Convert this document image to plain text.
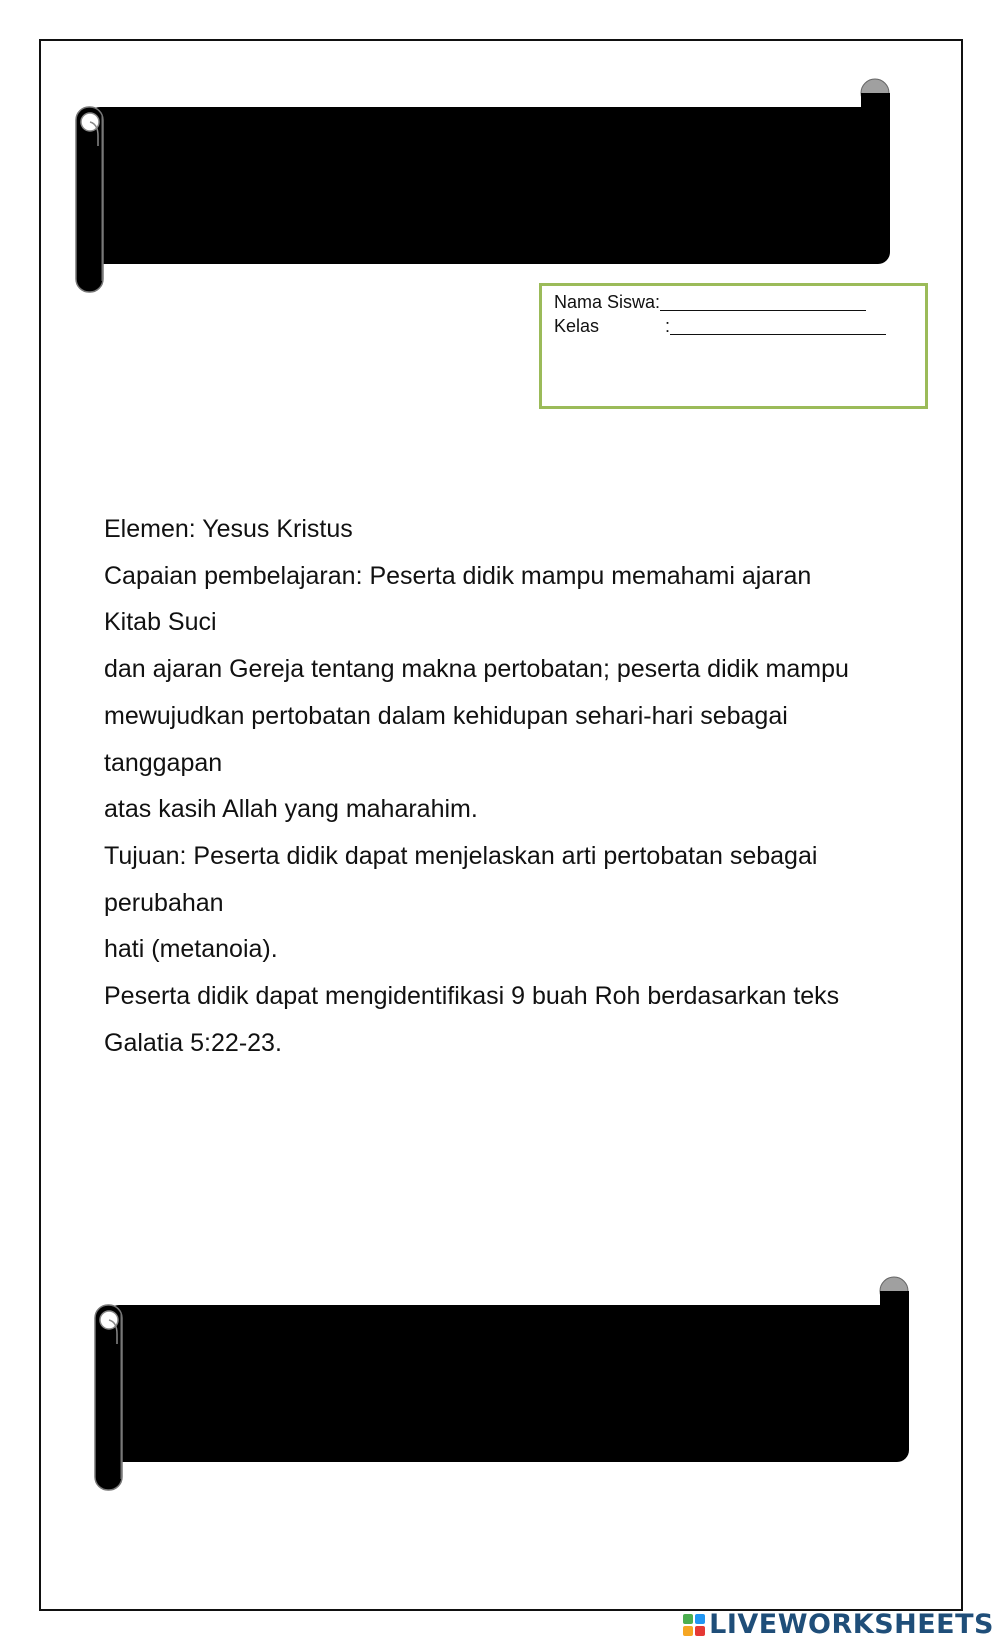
Nama Siswa:
Kelas	:

Elemen: Yesus Kristus

Capaian pembelajaran: Peserta didik mampu memahami ajaran

Kitab Suci

dan ajaran Gereja tentang makna pertobatan; peserta didik mampu

mewujudkan pertobatan dalam kehidupan sehari-hari sebagai

tanggapan

atas kasih Allah yang maharahim.

Tujuan: Peserta didik dapat menjelaskan arti pertobatan sebagai

perubahan

hati (metanoia).

Peserta didik dapat mengidentifikasi 9 buah Roh berdasarkan teks

Galatia 5:22-23.

LIVEWORKSHEETS
